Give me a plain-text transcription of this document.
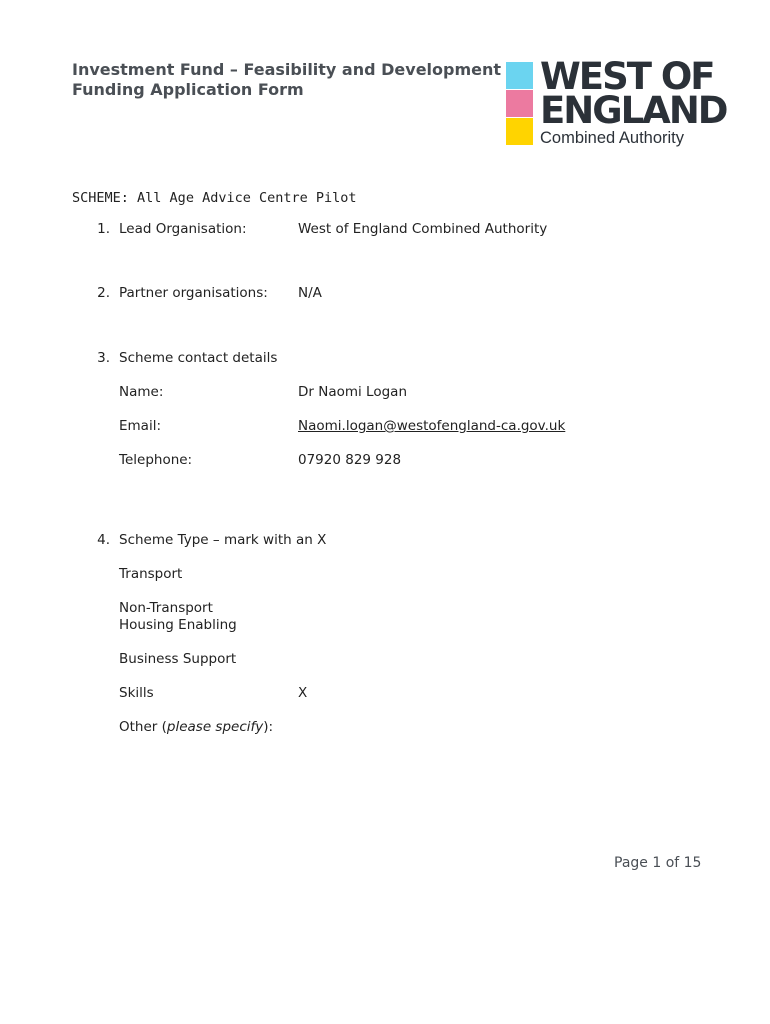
Investment Fund – Feasibility and Development
Funding Application Form	WEST OF
ENGLAND
Combined Authority
SCHEME: All Age Advice Centre Pilot
1. Lead Organisation:	West of England Combined Authority
2. Partner organisations: N/A
3. Scheme contact details
Name:	Dr Naomi Logan
Email:	Naomi.logan@westofengland-ca.gov.uk
Telephone:	07920 829 928
4. Scheme Type – mark with an X
Transport
Non-Transport
Housing Enabling
Business Support
Skills	X
Other (please specify):
Page 1 of 15
